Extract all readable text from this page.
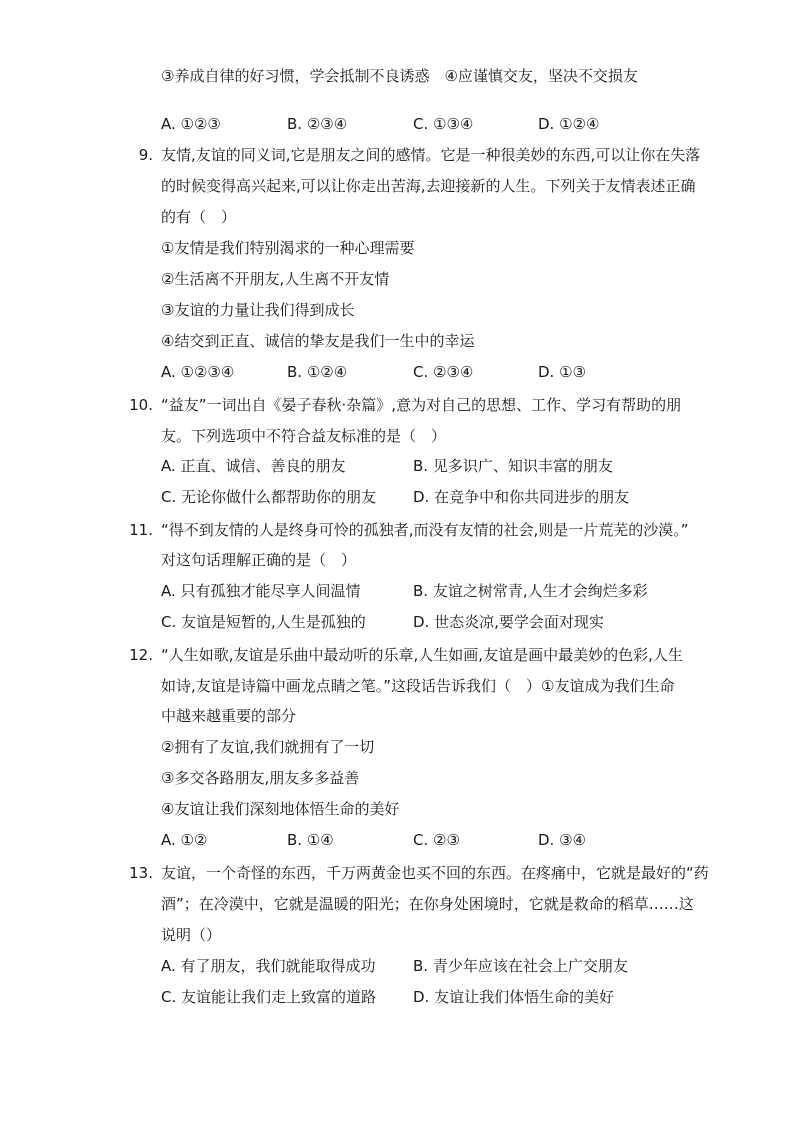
③养成自律的好习惯，学会抵制不良诱惑　④应谨慎交友，坚决不交损友
A. ①②③	B. ②③④	C. ①③④	D. ①②④
9. 友情,友谊的同义词,它是朋友之间的感情。它是一种很美妙的东西,可以让你在失落
的时候变得高兴起来,可以让你走出苦海,去迎接新的人生。下列关于友情表述正确
的有（　）
①友情是我们特别渴求的一种心理需要
②生活离不开朋友,人生离不开友情
③友谊的力量让我们得到成长
④结交到正直、诚信的挚友是我们一生中的幸运
A. ①②③④	B. ①②④	C. ②③④	D. ①③
10. “益友”一词出自《晏子春秋·杂篇》,意为对自己的思想、工作、学习有帮助的朋
友。下列选项中不符合益友标准的是（　）
A. 正直、诚信、善良的朋友	B. 见多识广、知识丰富的朋友
C. 无论你做什么都帮助你的朋友 D. 在竞争中和你共同进步的朋友
11. “得不到友情的人是终身可怜的孤独者,而没有友情的社会,则是一片荒芜的沙漠。”
对这句话理解正确的是（　）
A. 只有孤独才能尽享人间温情	B. 友谊之树常青,人生才会绚烂多彩
C. 友谊是短暂的,人生是孤独的	D. 世态炎凉,要学会面对现实
12. “人生如歌,友谊是乐曲中最动听的乐章,人生如画,友谊是画中最美妙的色彩,人生
如诗,友谊是诗篇中画龙点睛之笔。”这段话告诉我们（　）①友谊成为我们生命
中越来越重要的部分
②拥有了友谊,我们就拥有了一切
③多交各路朋友,朋友多多益善
④友谊让我们深刻地体悟生命的美好
A. ①②	B. ①④	C. ②③	D. ③④
13. 友谊，一个奇怪的东西，千万两黄金也买不回的东西。在疼痛中，它就是最好的“药
酒”；在冷漠中，它就是温暖的阳光；在你身处困境时，它就是救命的稻草……这
说明（）
A. 有了朋友，我们就能取得成功 B. 青少年应该在社会上广交朋友
C. 友谊能让我们走上致富的道路 D. 友谊让我们体悟生命的美好
